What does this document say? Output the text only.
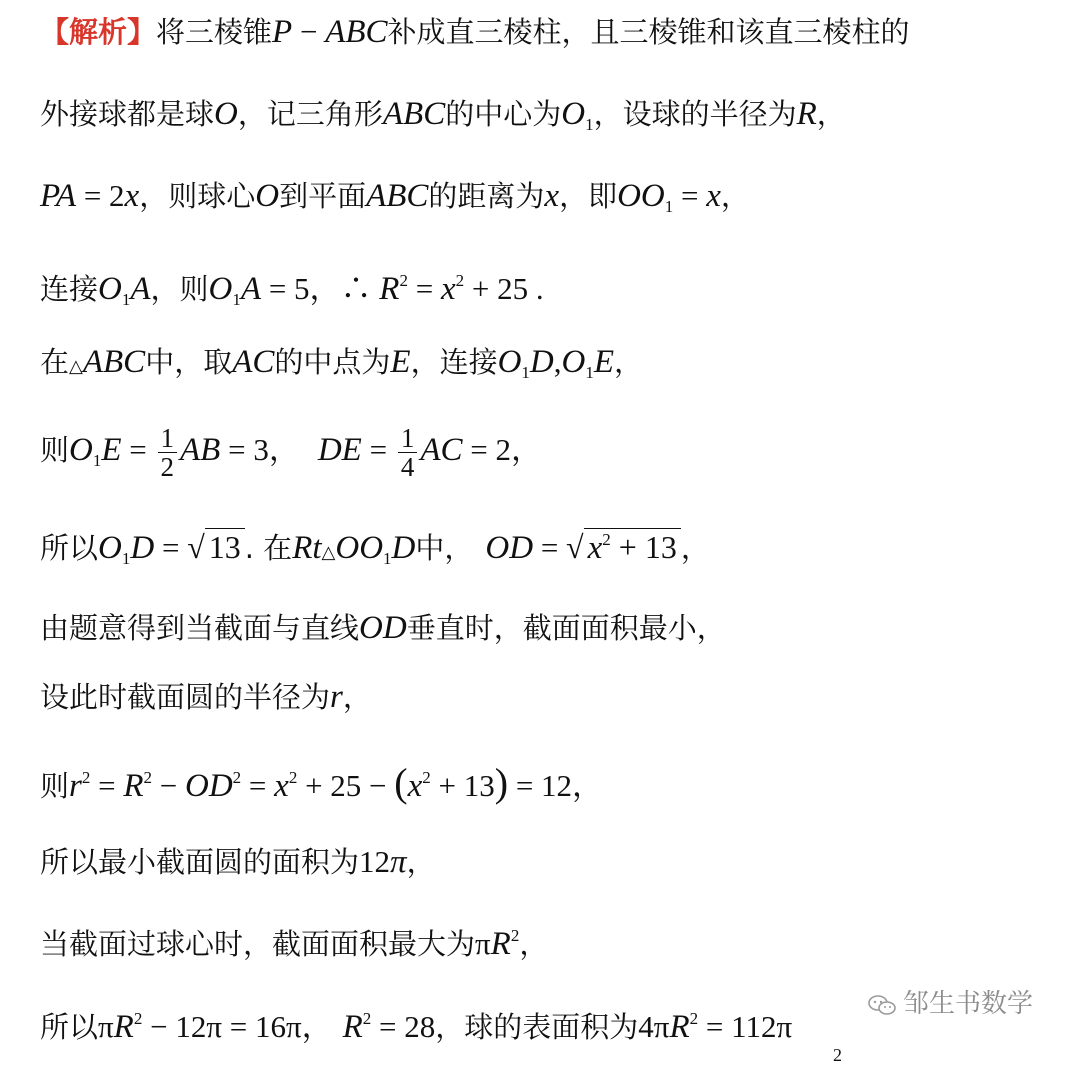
【解析】将三棱锥P − ABC补成直三棱柱，且三棱锥和该直三棱柱的
外接球都是球O，记三角形ABC的中心为$O_1$，设球的半径为R，
PA = 2x，则球心O到平面ABC的距离为x，即$OO_1 = x$，
连接$O_1A$，则$O_1A = 5$，∴ $R^2 = x^2 + 25$ .
在△ABC中，取AC的中点为E，连接$O_1D,O_1E$，
则$O_1E = \frac{1}{2}$ AB = 3， DE = $\frac{1}{4}$ AC = 2，
所以$O_1D$ = √ 13 . 在$Rt\triangle OO_1D$中， OD = √ $x^2 + 13$ ，
由题意得到当截面与直线OD垂直时，截面面积最小，
设此时截面圆的半径为r，
则$r^2 = R^2 - OD^2 = x^2 + 25 - (x^2 + 13) = 12$，
所以最小截面圆的面积为12π，
当截面过球心时，截面面积最大为$\pi R^2$，
所以$\pi R^2 - 12\pi = 16\pi$， $R^2 = 28$，球的表面积为$4\pi R^2 = 112\pi$
2
邹生书数学
